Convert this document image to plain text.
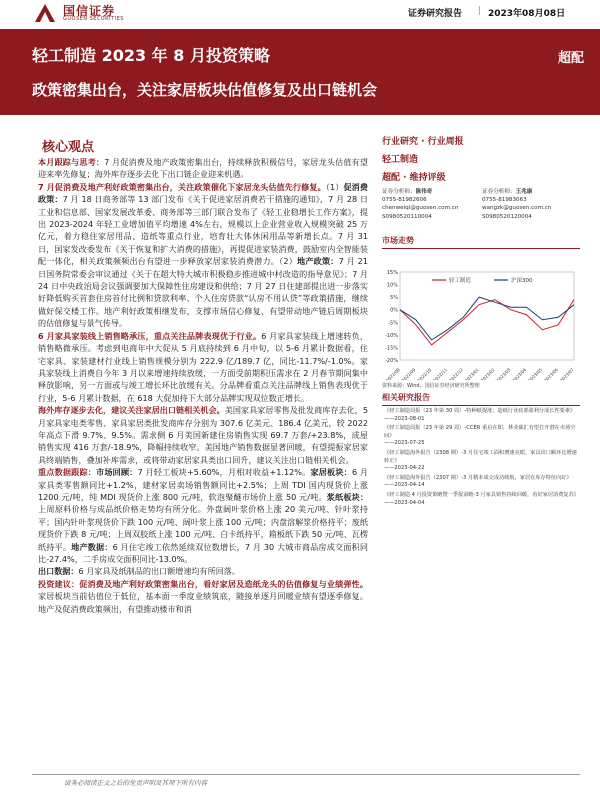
国信证券
GUOSEN SECURITIES	证券研究报告 | 2023年08月08日
轻工制造 2023 年 8 月投资策略
政策密集出台，关注家居板块估值修复及出口链机会
超配
核心观点

本月跟踪与思考：7 月促消费及地产政策密集出台，持续释放积极信号，家居龙头估值有望迎来率先修复；海外库存逐步去化下出口链企业迎来机遇。

7 月促消费及地产利好政策密集出台，关注政策催化下家居龙头估值先行修复。（1）促消费政策：7 月 18 日商务部等 13 部门发布《关于促进家居消费若干措施的通知》，7 月 28 日工业和信息部、国家发展改革委、商务部等三部门联合发布了《轻工业稳增长工作方案》，提出 2023-2024 年轻工业增加值平均增速 4%左右，规模以上企业营业收入规模突破 25 万亿元，着力稳住家居用品、造纸等重点行业，培育壮大体休闲用品等新增长点。7 月 31 日，国家发改委发布《关于恢复和扩大消费的措施》，再提促进家装消费，鼓励室内全智能装配一体化，相关政策频频出台有望进一步释放家居家装消费潜力。（2）地产政策：7 月 21 日国务院常委会审议通过《关于在超大特大城市积极稳步推进城中村改造的指导意见》；7 月 24 日中央政治局会议强调要加大保障性住房建设和供给；7 月 27 日住建部提出进一步落实好降低购买首套住房首付比例和贷款利率、个人住房贷款“认房不用认贷”等政策措施，继续做好保交楼工作。地产利好政策相继发布，支撑市场信心修复，有望带动地产链后周期板块的估值修复与景气传导。

6 月家具家装线上销售略承压，重点关注品牌表现优于行业。6 月家具家装线上增速转负，销售略微承压。考虑到电商年中大促从 5 月底持续到 6 月中旬，以 5-6 月累计数据看，住宅家具、家装建材行业线上销售规模分别为 222.9 亿/189.7 亿，同比-11.7%/-1.0%。家具家装线上消费自今年 3 月以来增速持续放缓，一方面受前期积压需求在 2 月春节期间集中释放影响，另一方面或与竣工增长环比放缓有关。分品牌看重点关注品牌线上销售表现优于行业，5-6 月累计数据，在 618 大促加持下大部分品牌实现双位数正增长。

海外库存逐步去化，建议关注家居出口链相关机会。美国家具家居零售及批发商库存去化，5 月家具家电类零售、家具家居类批发商库存分别为 307.6 亿美元、186.4 亿美元，较 2022 年高点下滑 9.7%、9.5%。需求侧 6 月美国新建住房销售实现 69.7 万套/+23.8%，成屋销售实现 416 万套/-18.9%，降幅持续收窄。美国地产销售数据显著回暖，有望提振家居家具终端销售，叠加补库需求，或将带动家居家具类出口回升，建议关注出口链相关机会。

重点数据跟踪：市场回顾：7 月轻工板块+5.60%，月相对收益+1.12%。家居板块：6 月家具类零售额同比+1.2%，建材家居卖场销售额同比+2.5%；上周 TDI 国内现货价上涨 1200 元/吨，纯 MDI 现货价上涨 800 元/吨，软泡聚醚市场价上涨 50 元/吨。浆纸板块：上周原料价格与成品纸价格走势均有所分化。外盘阔叶浆价格上涨 20 美元/吨、针叶浆持平；国内针叶浆现货价下跌 100 元/吨、阔叶浆上涨 100 元/吨；内盘溶解浆价格持平；废纸现货价下跌 8 元/吨；上周双胶纸上涨 100 元/吨、白卡纸持平，箱板纸下跌 50 元/吨、瓦楞纸持平。地产数据：6 月住宅竣工依然延续双位数增长，7 月 30 大城市商品房成交面积同比-27.4%，二手房成交面积同比-13.0%。
出口数据：6 月家具及纸制品的出口额增速均有所回落。

投资建议：促消费及地产利好政策密集出台，看好家居及造纸龙头的估值修复与业绩弹性。家居板块当前估值位于低位，基本面一季度业绩筑底，随接单逐月回暖业绩有望逐季修复。地产及促消费政策频出，有望推动楼市和消

行业研究 · 行业周报
轻工制造
超配 · 维持评级
证券分析师：陈伟奇
0755-81982606
chenweiqi@guosen.com.cn
S0980520110004
证券分析师：王兆康
0755-81983063
wangzk@guosen.com.cn
S0980520120004
市场走势
15%
10%
5%
0%
-5%
-10%
-15%
-20%
2022/08 2022/09 2022/10 2022/11 2022/12 2023/01 2023/02 2023/03 2023/04 2023/05 2023/06 2023/07
轻工制造	沪深300
资料来源：Wind、国信证券经济研究所整理
相关研究报告
《轻工制造周报（23 年第 30 周）-特种纸提涨；造纸行业底部盈利分成长性要素》
——2023-08-01
《轻工制造周报（23 年第 29 周）-CCER 重启在即，林业碳汇有望打开潜在市场空间》
——2023-07-25
《轻工制造海外报告（2308 期）-3 月住宅竣工面积增速亮眼，家具出口额环比增速转正》
——2023-04-22
《轻工制造海外报告（2307 期）-3 月精本成交成功续航，家居在库存特征向好》
——2023-04-14
《轻工制造 4 月投资策略暨一季报前瞻-3 月家具销售持续回暖，看好家居消费复苏》
——2023-04-04
请务必阅读正文之后的免责声明及其项下所有内容
